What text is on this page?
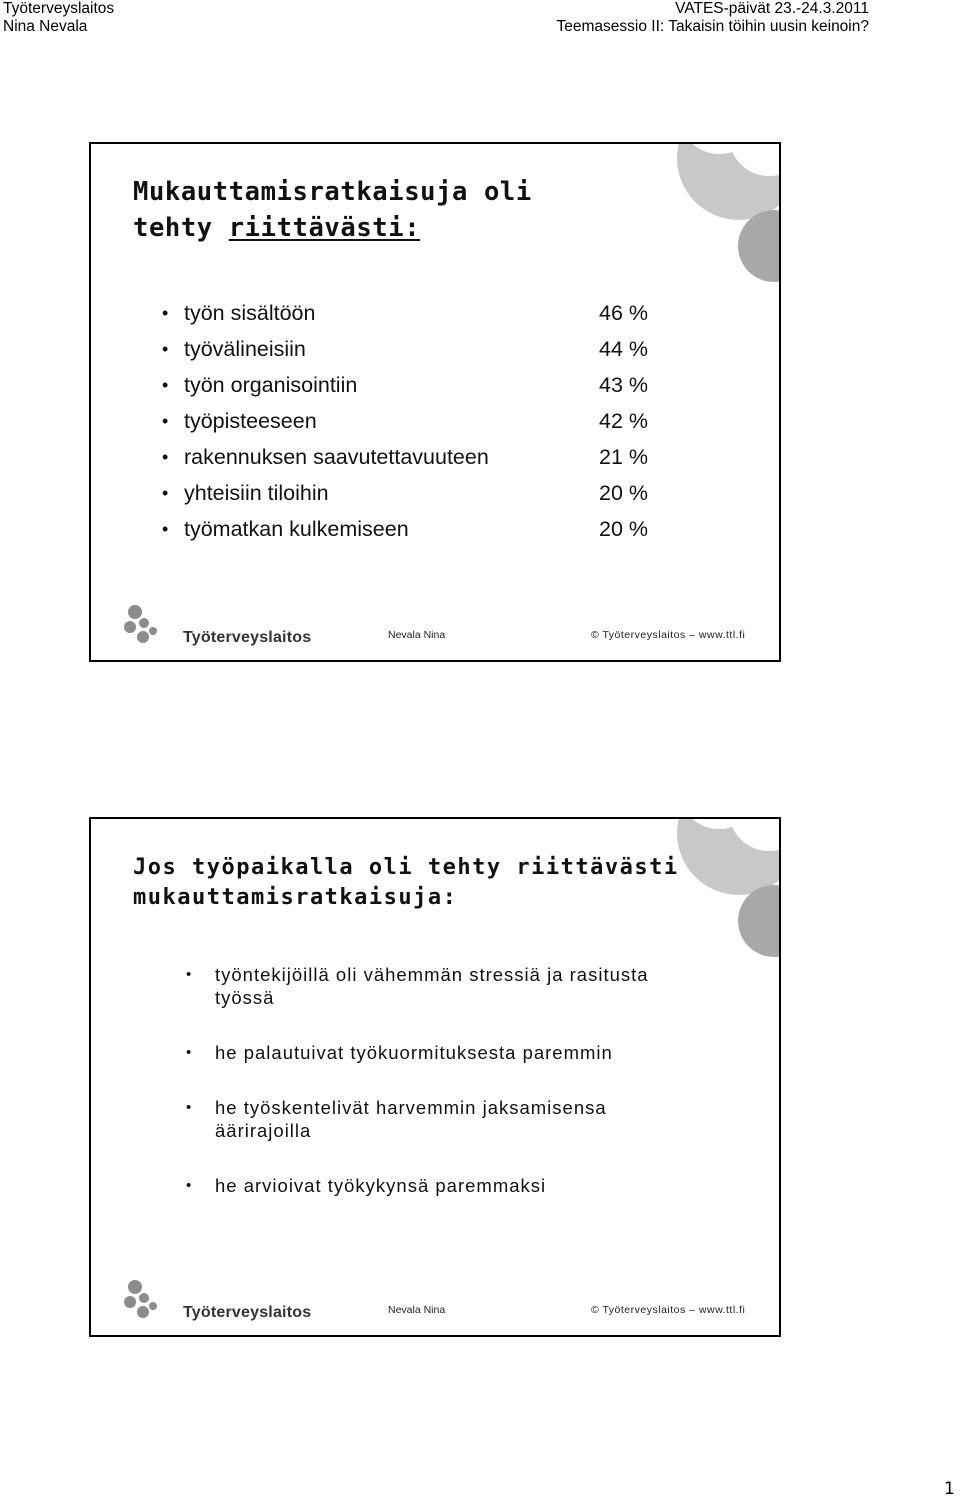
Työterveyslaitos
Nina Nevala
VATES-päivät 23.-24.3.2011
Teemasessio II: Takaisin töihin uusin keinoin?
Mukauttamisratkaisuja oli
tehty riittävästi:
• työn sisältöön	46 %
• työvälineisiin	44 %
• työn organisointiin	43 %
• työpisteeseen	42 %
• rakennuksen saavutettavuuteen	21 %
• yhteisiin tiloihin	20 %
• työmatkan kulkemiseen	20 %
Työterveyslaitos	Nevala Nina	© Työterveyslaitos – www.ttl.fi
Jos työpaikalla oli tehty riittävästi
mukauttamisratkaisuja:
• työntekijöillä oli vähemmän stressiä ja rasitusta
työssä
• he palautuivat työkuormituksesta paremmin
• he työskentelivät harvemmin jaksamisensa
äärirajoilla
• he arvioivat työkykynsä paremmaksi
Työterveyslaitos	Nevala Nina	© Työterveyslaitos – www.ttl.fi
1
